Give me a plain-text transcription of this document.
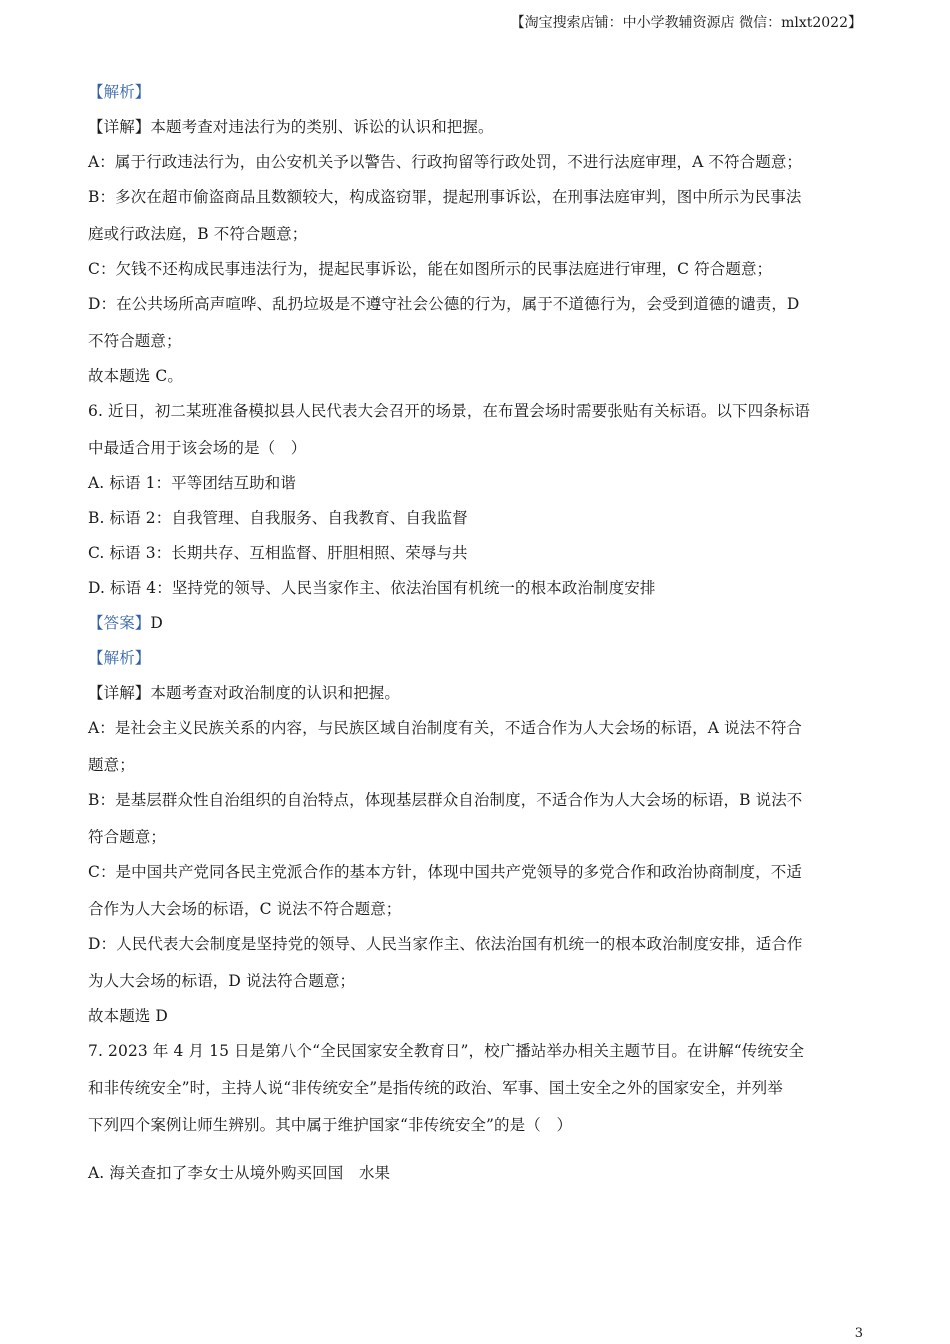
【淘宝搜索店铺：中小学教辅资源店 微信：mlxt2022】
【解析】
【详解】本题考查对违法行为的类别、诉讼的认识和把握。
A：属于行政违法行为，由公安机关予以警告、行政拘留等行政处罚，不进行法庭审理，A 不符合题意；
B：多次在超市偷盗商品且数额较大，构成盗窃罪，提起刑事诉讼，在刑事法庭审判，图中所示为民事法
庭或行政法庭，B 不符合题意；
C：欠钱不还构成民事违法行为，提起民事诉讼，能在如图所示的民事法庭进行审理，C 符合题意；
D：在公共场所高声喧哗、乱扔垃圾是不遵守社会公德的行为，属于不道德行为，会受到道德的谴责，D
不符合题意；
故本题选 C。
6. 近日，初二某班准备模拟县人民代表大会召开的场景，在布置会场时需要张贴有关标语。以下四条标语
中最适合用于该会场的是（　）
A. 标语 1：平等团结互助和谐
B. 标语 2：自我管理、自我服务、自我教育、自我监督
C. 标语 3：长期共存、互相监督、肝胆相照、荣辱与共
D. 标语 4：坚持党的领导、人民当家作主、依法治国有机统一的根本政治制度安排
【答案】D
【解析】
【详解】本题考查对政治制度的认识和把握。
A：是社会主义民族关系的内容，与民族区域自治制度有关，不适合作为人大会场的标语，A 说法不符合
题意；
B：是基层群众性自治组织的自治特点，体现基层群众自治制度，不适合作为人大会场的标语，B 说法不
符合题意；
C：是中国共产党同各民主党派合作的基本方针，体现中国共产党领导的多党合作和政治协商制度，不适
合作为人大会场的标语，C 说法不符合题意；
D：人民代表大会制度是坚持党的领导、人民当家作主、依法治国有机统一的根本政治制度安排，适合作
为人大会场的标语，D 说法符合题意；
故本题选 D
7. 2023 年 4 月 15 日是第八个“全民国家安全教育日”，校广播站举办相关主题节目。在讲解“传统安全
和非传统安全”时，主持人说“非传统安全”是指传统的政治、军事、国土安全之外的国家安全，并列举
下列四个案例让师生辨别。其中属于维护国家“非传统安全”的是（　）
A. 海关查扣了李女士从境外购买回国　水果
3
